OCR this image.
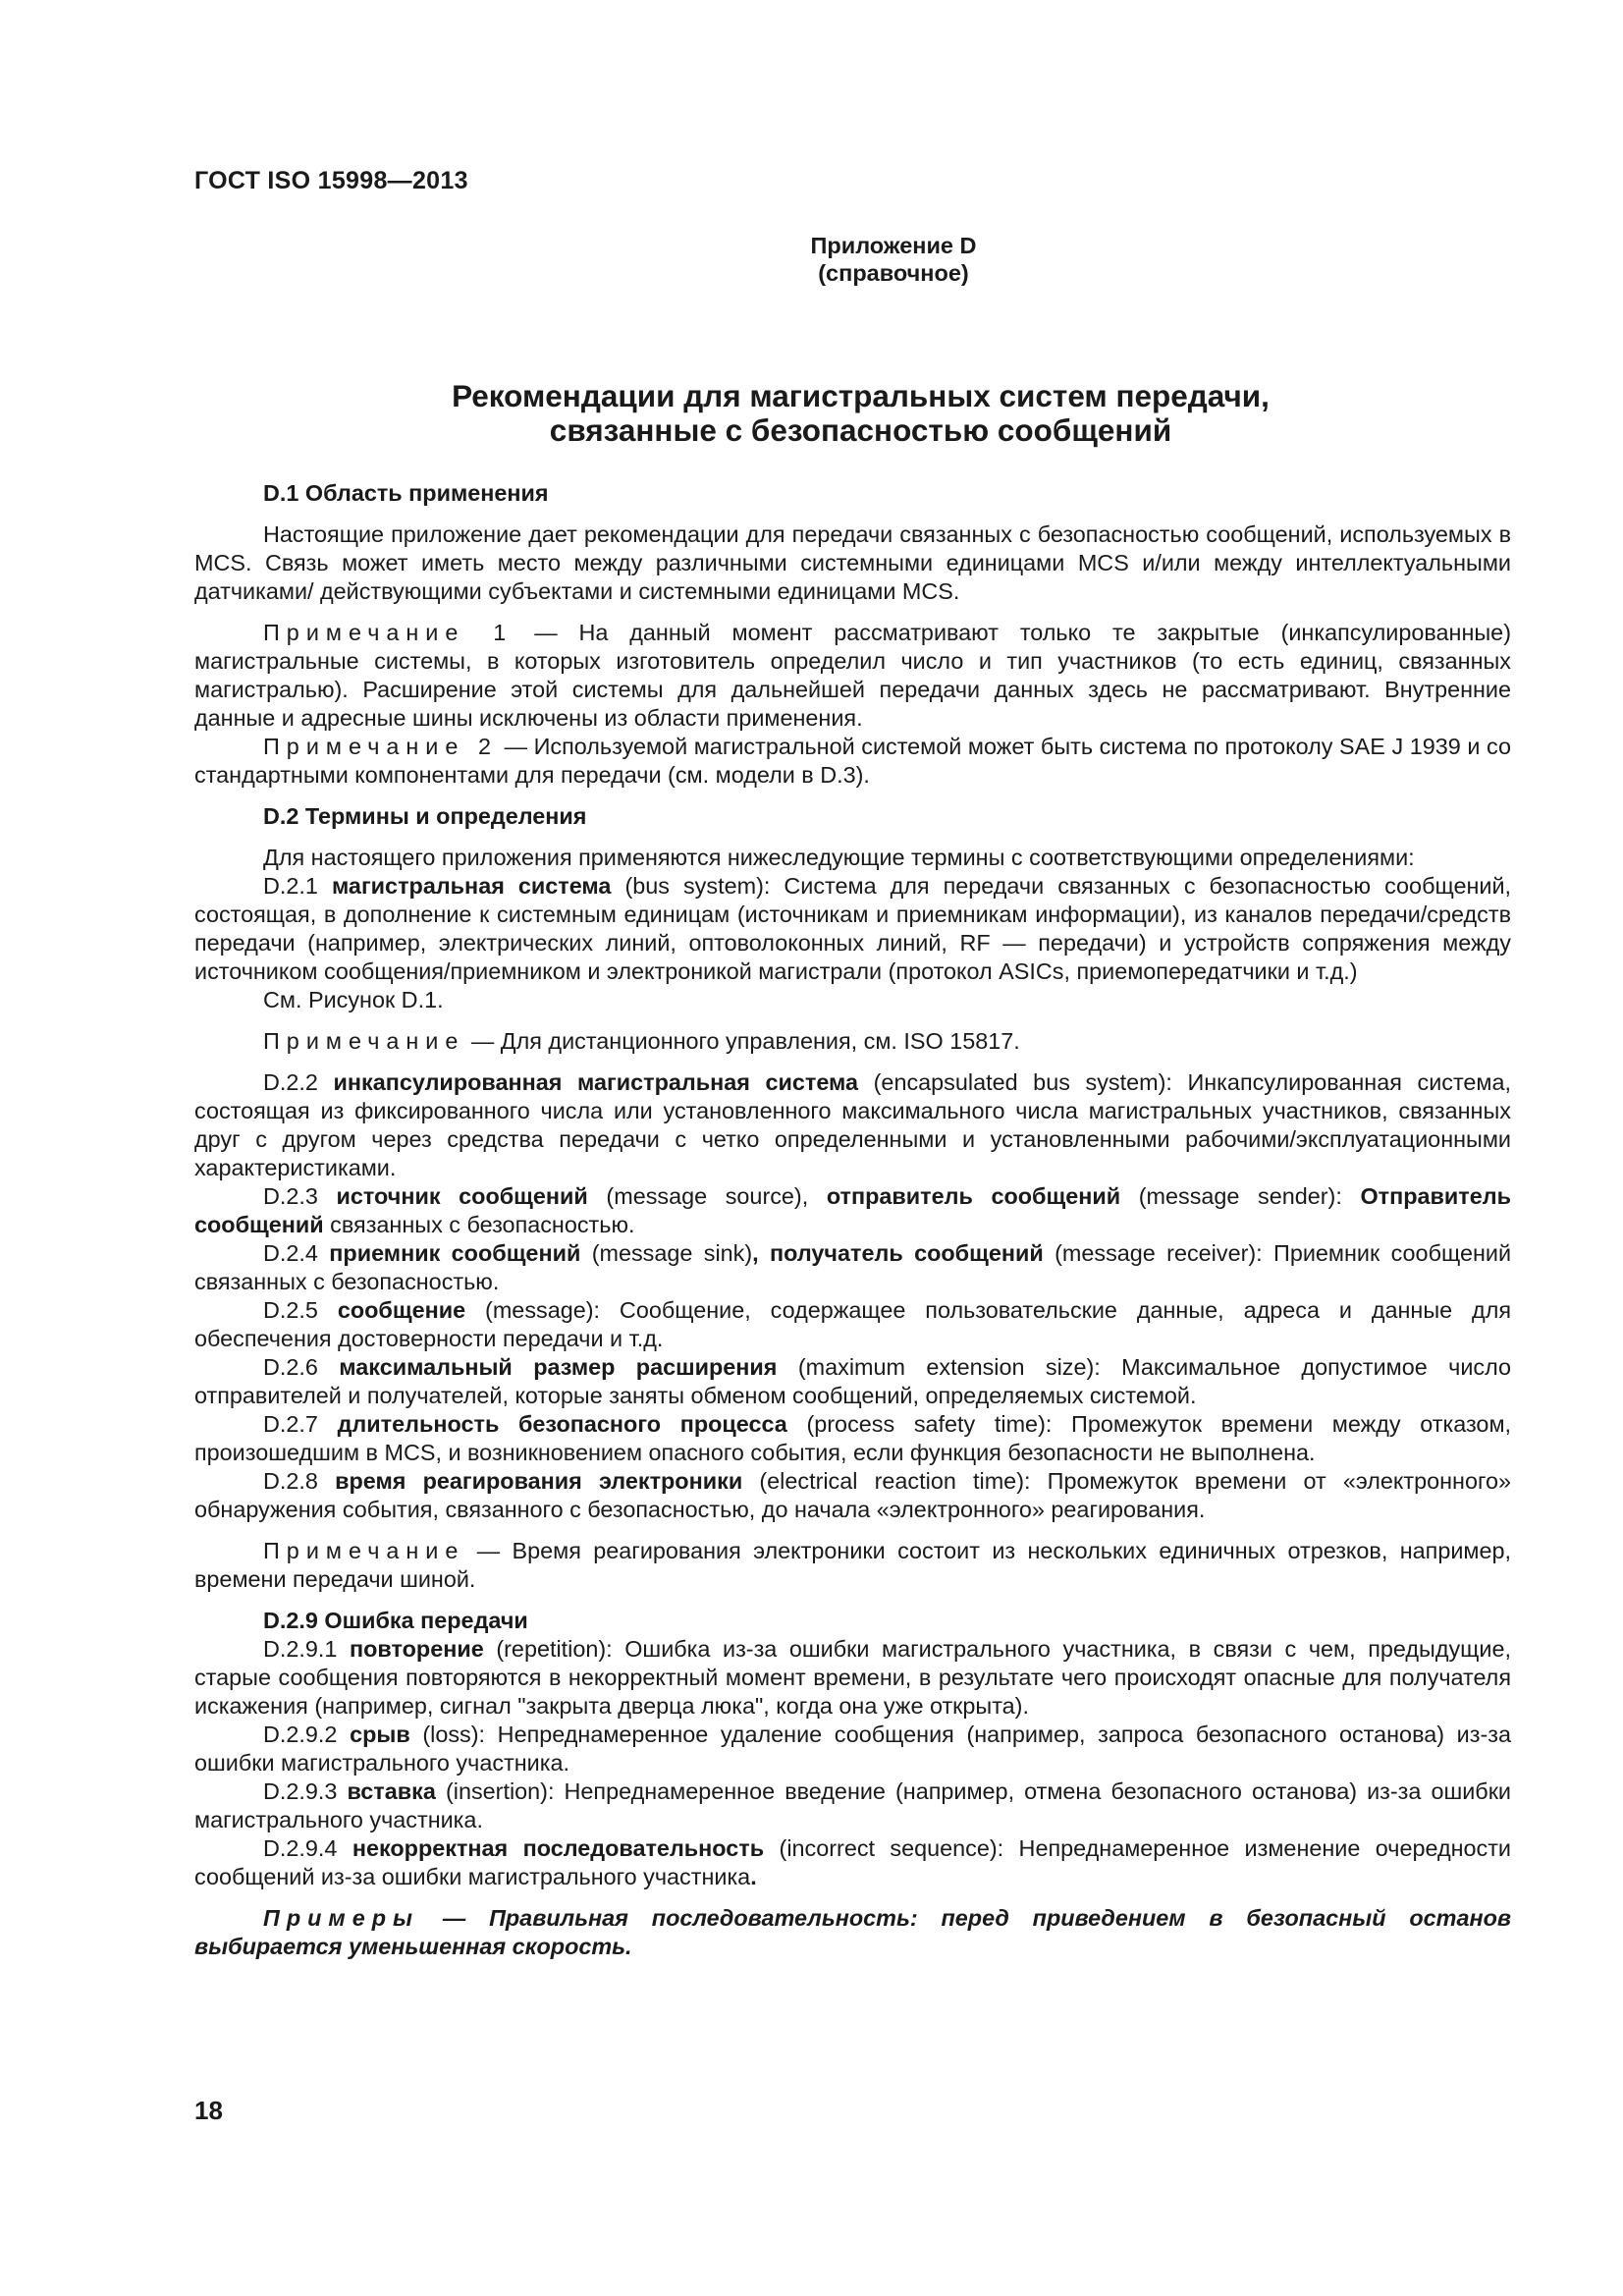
ГОСТ ISO 15998—2013
Приложение D
(справочное)
Рекомендации для магистральных систем передачи,
связанные с безопасностью сообщений

D.1 Область применения

Настоящие приложение дает рекомендации для передачи связанных с безопасностью сообщений, используемых в MCS. Связь может иметь место между различными системными единицами MCS и/или между интеллектуальными датчиками/ действующими субъектами и системными единицами MCS.

Примечание 1 — На данный момент рассматривают только те закрытые (инкапсулированные) магистральные системы, в которых изготовитель определил число и тип участников (то есть единиц, связанных магистралью). Расширение этой системы для дальнейшей передачи данных здесь не рассматривают. Внутренние данные и адресные шины исключены из области применения.

Примечание 2 — Используемой магистральной системой может быть система по протоколу SAE J 1939 и со стандартными компонентами для передачи (см. модели в D.3).

D.2 Термины и определения

Для настоящего приложения применяются нижеследующие термины с соответствующими определениями:

D.2.1 магистральная система (bus system): Система для передачи связанных с безопасностью сообщений, состоящая, в дополнение к системным единицам (источникам и приемникам информации), из каналов передачи/средств передачи (например, электрических линий, оптоволоконных линий, RF — передачи) и устройств сопряжения между источником сообщения/приемником и электроникой магистрали (протокол ASICs, приемопередатчики и т.д.)

См. Рисунок D.1.

Примечание — Для дистанционного управления, см. ISO 15817.

D.2.2 инкапсулированная магистральная система (encapsulated bus system): Инкапсулированная система, состоящая из фиксированного числа или установленного максимального числа магистральных участников, связанных друг с другом через средства передачи с четко определенными и установленными рабочими/эксплуатационными характеристиками.

D.2.3 источник сообщений (message source), отправитель сообщений (message sender): Отправитель сообщений связанных с безопасностью.

D.2.4 приемник сообщений (message sink), получатель сообщений (message receiver): Приемник сообщений связанных с безопасностью.

D.2.5 сообщение (message): Сообщение, содержащее пользовательские данные, адреса и данные для обеспечения достоверности передачи и т.д.

D.2.6 максимальный размер расширения (maximum extension size): Максимальное допустимое число отправителей и получателей, которые заняты обменом сообщений, определяемых системой.

D.2.7 длительность безопасного процесса (process safety time): Промежуток времени между отказом, произошедшим в MCS, и возникновением опасного события, если функция безопасности не выполнена.

D.2.8 время реагирования электроники (electrical reaction time): Промежуток времени от «электронного» обнаружения события, связанного с безопасностью, до начала «электронного» реагирования.

Примечание — Время реагирования электроники состоит из нескольких единичных отрезков, например, времени передачи шиной.

D.2.9 Ошибка передачи

D.2.9.1 повторение (repetition): Ошибка из-за ошибки магистрального участника, в связи с чем, предыдущие, старые сообщения повторяются в некорректный момент времени, в результате чего происходят опасные для получателя искажения (например, сигнал "закрыта дверца люка", когда она уже открыта).

D.2.9.2 срыв (loss): Непреднамеренное удаление сообщения (например, запроса безопасного останова) из-за ошибки магистрального участника.

D.2.9.3 вставка (insertion): Непреднамеренное введение (например, отмена безопасного останова) из-за ошибки магистрального участника.

D.2.9.4 некорректная последовательность (incorrect sequence): Непреднамеренное изменение очередности сообщений из-за ошибки магистрального участника.

Примеры — Правильная последовательность: перед приведением в безопасный останов выбирается уменьшенная скорость.

18
